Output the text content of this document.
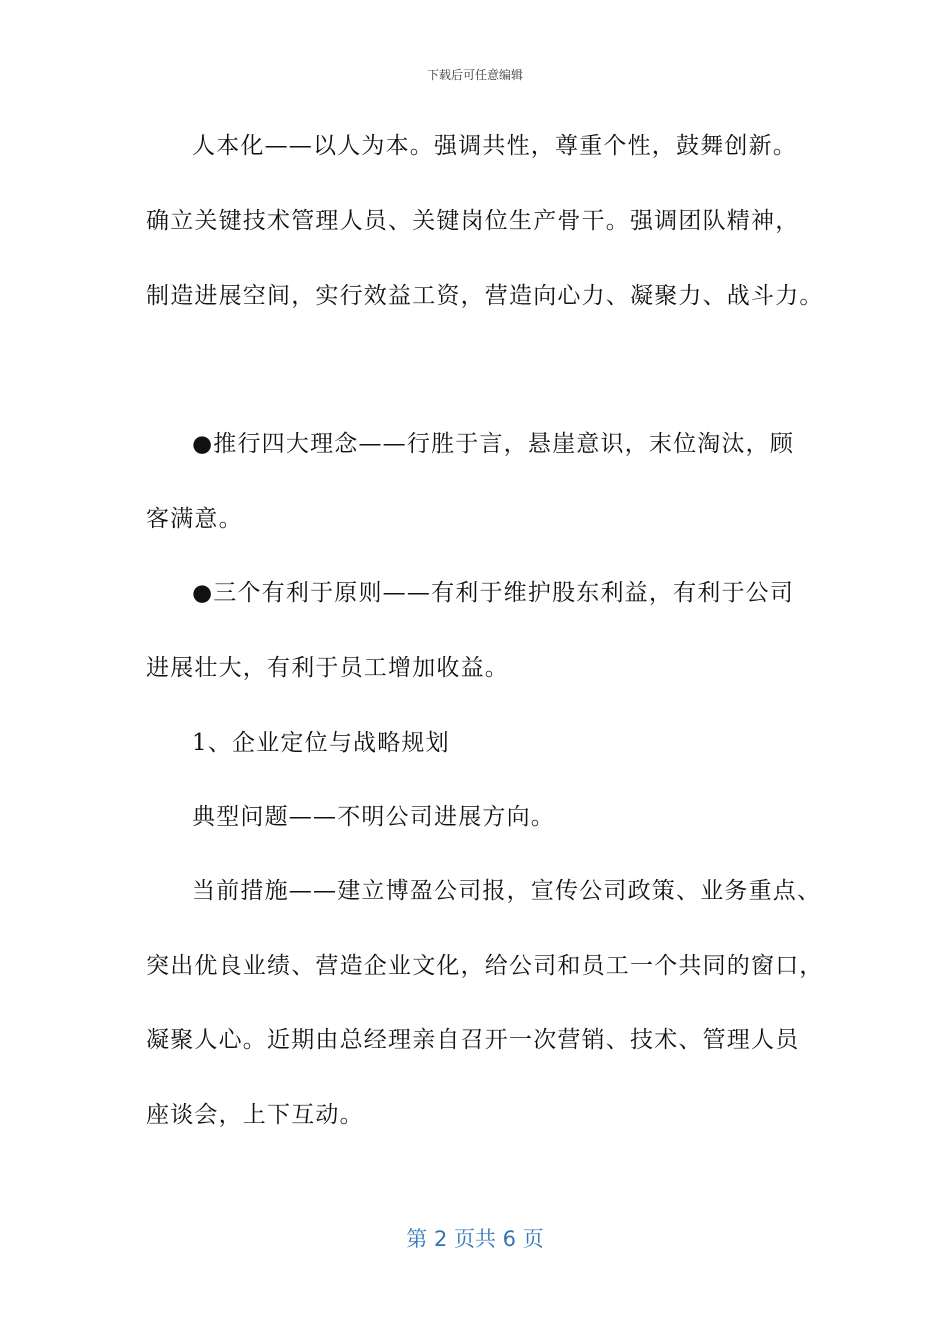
下载后可任意编辑
人本化——以人为本。强调共性，尊重个性，鼓舞创新。
确立关键技术管理人员、关键岗位生产骨干。强调团队精神，
制造进展空间，实行效益工资，营造向心力、凝聚力、战斗力。
●推行四大理念——行胜于言，悬崖意识，末位淘汰，顾
客满意。
●三个有利于原则——有利于维护股东利益，有利于公司
进展壮大，有利于员工增加收益。
1、企业定位与战略规划
典型问题——不明公司进展方向。
当前措施——建立博盈公司报，宣传公司政策、业务重点、
突出优良业绩、营造企业文化，给公司和员工一个共同的窗口，
凝聚人心。近期由总经理亲自召开一次营销、技术、管理人员
座谈会，上下互动。
第 2 页共 6 页
